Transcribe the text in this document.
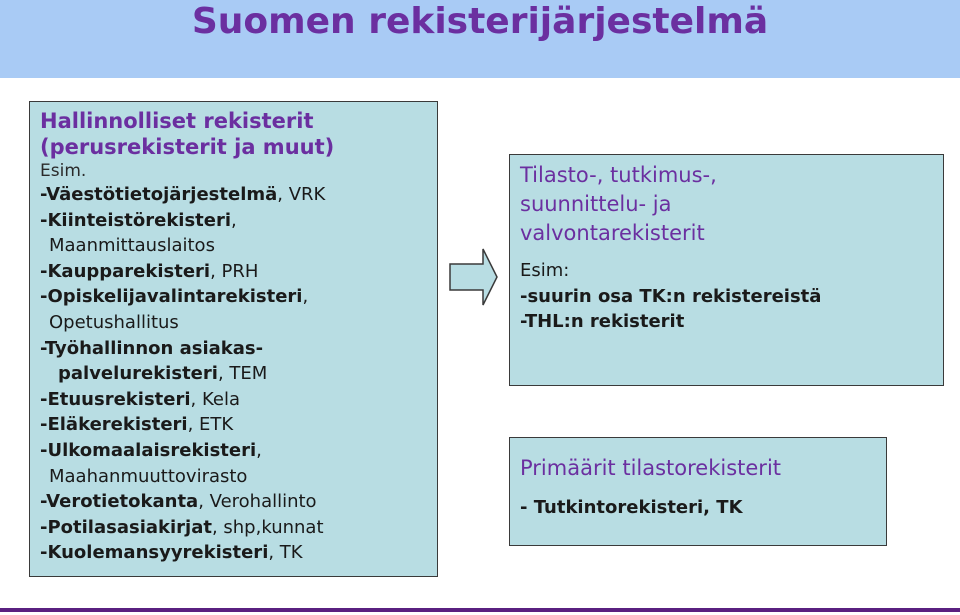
Suomen rekisterijärjestelmä
Hallinnolliset rekisterit
(perusrekisterit ja muut)
Esim.
-Väestötietojärjestelmä, VRK
-Kiinteistörekisteri,
Maanmittauslaitos
-Kaupparekisteri, PRH
-Opiskelijavalintarekisteri,
Opetushallitus
-Työhallinnon asiakas-
palvelurekisteri, TEM
-Etuusrekisteri, Kela
-Eläkerekisteri, ETK
-Ulkomaalaisrekisteri,
Maahanmuuttovirasto
-Verotietokanta, Verohallinto
-Potilasasiakirjat, shp,kunnat
-Kuolemansyyrekisteri, TK
Tilasto-, tutkimus-,
suunnittelu- ja
valvontarekisterit
Esim:
-suurin osa TK:n rekistereistä
-THL:n rekisterit
Primäärit tilastorekisterit
- Tutkintorekisteri, TK
